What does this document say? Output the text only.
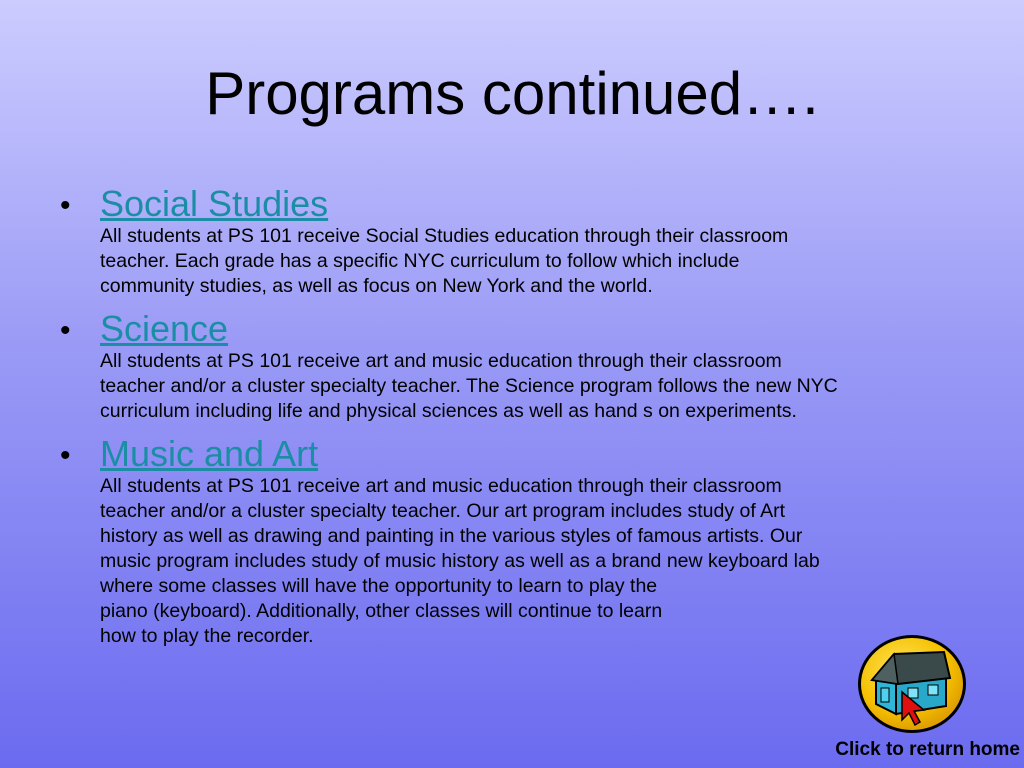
Programs continued….
• Social Studies

All students at PS 101 receive Social Studies education through their classroom
teacher. Each grade has a specific NYC curriculum to follow which include
community studies, as well as focus on New York and the world.

• Science

All students at PS 101 receive art and music education through their classroom
teacher and/or a cluster specialty teacher. The Science program follows the new NYC
curriculum including life and physical sciences as well as hand s on experiments.

• Music and Art

All students at PS 101 receive art and music education through their classroom
teacher and/or a cluster specialty teacher. Our art program includes study of Art
history as well as drawing and painting in the various styles of famous artists. Our
music program includes study of music history as well as a brand new keyboard lab
where some classes will have the opportunity to learn to play the
piano (keyboard). Additionally, other classes will continue to learn
how to play the recorder.

Click to return home
